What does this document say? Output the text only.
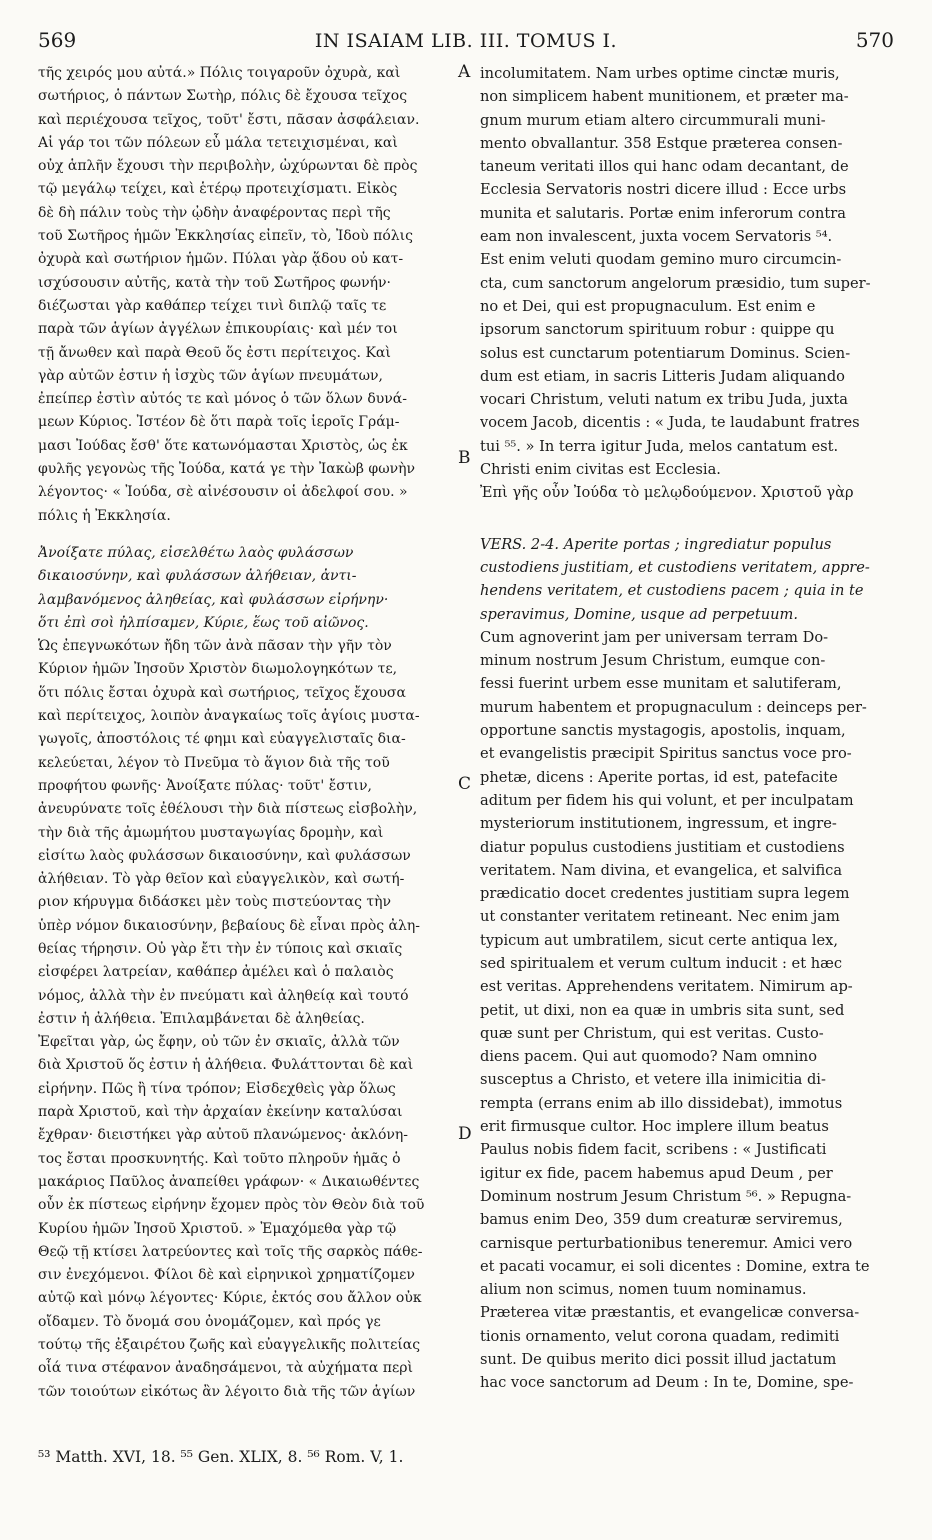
569	IN ISAIAM LIB. III. TOMUS I.	570
τῆς χειρός μου αὐτά.» Πόλις τοιγαροῦν ὀχυρὰ, καὶ
σωτήριος, ὁ πάντων Σωτὴρ, πόλις δὲ ἔχουσα τεῖχος
καὶ περιέχουσα τεῖχος, τοῦτ' ἔστι, πᾶσαν ἀσφάλειαν.
Αἱ γάρ τοι τῶν πόλεων εὖ μάλα τετειχισμέναι, καὶ
οὐχ ἁπλῆν ἔχουσι τὴν περιβολὴν, ὠχύρωνται δὲ πρὸς
τῷ μεγάλῳ τείχει, καὶ ἑτέρῳ προτειχίσματι. Εἰκὸς
δὲ δὴ πάλιν τοὺς τὴν ᾠδὴν ἀναφέροντας περὶ τῆς
τοῦ Σωτῆρος ἡμῶν Ἐκκλησίας εἰπεῖν, τὸ, Ἰδοὺ πόλις
ὀχυρὰ καὶ σωτήριον ἡμῶν. Πύλαι γὰρ ᾅδου οὐ κατ-
ισχύσουσιν αὐτῆς, κατὰ τὴν τοῦ Σωτῆρος φωνήν·
διέζωσται γὰρ καθάπερ τείχει τινὶ διπλῷ ταῖς τε
παρὰ τῶν ἁγίων ἀγγέλων ἐπικουρίαις· καὶ μέν τοι
τῇ ἄνωθεν καὶ παρὰ Θεοῦ ὅς ἐστι περίτειχος. Καὶ
γὰρ αὐτῶν ἐστιν ἡ ἰσχὺς τῶν ἁγίων πνευμάτων,
ἐπείπερ ἐστὶν αὐτός τε καὶ μόνος ὁ τῶν ὅλων δυνά-
μεων Κύριος. Ἰστέον δὲ ὅτι παρὰ τοῖς ἱεροῖς Γράμ-
μασι Ἰούδας ἔσθ' ὅτε κατωνόμασται Χριστὸς, ὡς ἐκ
φυλῆς γεγονὼς τῆς Ἰούδα, κατά γε τὴν Ἰακὼβ φωνὴν
λέγοντος· « Ἰούδα, σὲ αἰνέσουσιν οἱ ἀδελφοί σου. »
πόλις ἡ Ἐκκλησία.
Ἀνοίξατε πύλας, εἰσελθέτω λαὸς φυλάσσων
δικαιοσύνην, καὶ φυλάσσων ἀλήθειαν, ἀντι-
λαμβανόμενος ἀληθείας, καὶ φυλάσσων εἰρήνην·
ὅτι ἐπὶ σοὶ ἠλπίσαμεν, Κύριε, ἕως τοῦ αἰῶνος.
Ὡς ἐπεγνωκότων ἤδη τῶν ἀνὰ πᾶσαν τὴν γῆν τὸν
Κύριον ἡμῶν Ἰησοῦν Χριστὸν διωμολογηκότων τε,
ὅτι πόλις ἔσται ὀχυρὰ καὶ σωτήριος, τεῖχος ἔχουσα
καὶ περίτειχος, λοιπὸν ἀναγκαίως τοῖς ἁγίοις μυστα-
γωγοῖς, ἀποστόλοις τέ φημι καὶ εὐαγγελισταῖς δια-
κελεύεται, λέγον τὸ Πνεῦμα τὸ ἅγιον διὰ τῆς τοῦ
προφήτου φωνῆς· Ἀνοίξατε πύλας· τοῦτ' ἔστιν,
ἀνευρύνατε τοῖς ἐθέλουσι τὴν διὰ πίστεως εἰσβολὴν,
τὴν διὰ τῆς ἀμωμήτου μυσταγωγίας δρομὴν, καὶ
εἰσίτω λαὸς φυλάσσων δικαιοσύνην, καὶ φυλάσσων
ἀλήθειαν. Τὸ γὰρ θεῖον καὶ εὐαγγελικὸν, καὶ σωτή-
ριον κήρυγμα διδάσκει μὲν τοὺς πιστεύοντας τὴν
ὑπὲρ νόμον δικαιοσύνην, βεβαίους δὲ εἶναι πρὸς ἀλη-
θείας τήρησιν. Οὐ γὰρ ἔτι τὴν ἐν τύποις καὶ σκιαῖς
εἰσφέρει λατρείαν, καθάπερ ἀμέλει καὶ ὁ παλαιὸς
νόμος, ἀλλὰ τὴν ἐν πνεύματι καὶ ἀληθείᾳ καὶ τουτό
ἐστιν ἡ ἀλήθεια. Ἐπιλαμβάνεται δὲ ἀληθείας.
Ἐφεῖται γὰρ, ὡς ἔφην, οὐ τῶν ἐν σκιαῖς, ἀλλὰ τῶν
διὰ Χριστοῦ ὅς ἐστιν ἡ ἀλήθεια. Φυλάττονται δὲ καὶ
εἰρήνην. Πῶς ἢ τίνα τρόπον; Εἰσδεχθεὶς γὰρ ὅλως
παρὰ Χριστοῦ, καὶ τὴν ἀρχαίαν ἐκείνην καταλύσαι
ἔχθραν· διειστήκει γὰρ αὐτοῦ πλανώμενος· ἀκλόνη-
τος ἔσται προσκυνητής. Καὶ τοῦτο πληροῦν ἡμᾶς ὁ
μακάριος Παῦλος ἀναπείθει γράφων· « Δικαιωθέντες
οὖν ἐκ πίστεως εἰρήνην ἔχομεν πρὸς τὸν Θεὸν διὰ τοῦ
Κυρίου ἡμῶν Ἰησοῦ Χριστοῦ. » Ἐμαχόμεθα γὰρ τῷ
Θεῷ τῇ κτίσει λατρεύοντες καὶ τοῖς τῆς σαρκὸς πάθε-
σιν ἐνεχόμενοι. Φίλοι δὲ καὶ εἰρηνικοὶ χρηματίζομεν
αὐτῷ καὶ μόνῳ λέγοντες· Κύριε, ἐκτός σου ἄλλον οὐκ
οἴδαμεν. Τὸ ὄνομά σου ὀνομάζομεν, καὶ πρός γε
τούτῳ τῆς ἐξαιρέτου ζωῆς καὶ εὐαγγελικῆς πολιτείας
οἷά τινα στέφανον ἀναδησάμενοι, τὰ αὐχήματα περὶ
τῶν τοιούτων εἰκότως ἂν λέγοιτο διὰ τῆς τῶν ἁγίων
incolumitatem. Nam urbes optime cinctæ muris,
non simplicem habent munitionem, et præter ma-
gnum murum etiam altero circummurali muni-
mento obvallantur. 358 Estque præterea consen-
taneum veritati illos qui hanc odam decantant, de
Ecclesia Servatoris nostri dicere illud : Ecce urbs
munita et salutaris. Portæ enim inferorum contra
eam non invalescent, juxta vocem Servatoris ⁵⁴.
Est enim veluti quodam gemino muro circumcin-
cta, cum sanctorum angelorum præsidio, tum super-
no et Dei, qui est propugnaculum. Est enim e
ipsorum sanctorum spirituum robur : quippe qu
solus est cunctarum potentiarum Dominus. Scien-
dum est etiam, in sacris Litteris Judam aliquando
vocari Christum, veluti natum ex tribu Juda, juxta
vocem Jacob, dicentis : « Juda, te laudabunt fratres
tui ⁵⁵. » In terra igitur Juda, melos cantatum est.
Christi enim civitas est Ecclesia.
Ἐπὶ γῆς οὖν Ἰούδα τὸ μελῳδούμενον. Χριστοῦ γὰρ
VERS. 2-4. Aperite portas ; ingrediatur populus
custodiens justitiam, et custodiens veritatem, appre-
hendens veritatem, et custodiens pacem ; quia in te
speravimus, Domine, usque ad perpetuum.
Cum agnoverint jam per universam terram Do-
minum nostrum Jesum Christum, eumque con-
fessi fuerint urbem esse munitam et salutiferam,
murum habentem et propugnaculum : deinceps per-
opportune sanctis mystagogis, apostolis, inquam,
et evangelistis præcipit Spiritus sanctus voce pro-
phetæ, dicens : Aperite portas, id est, patefacite
aditum per fidem his qui volunt, et per inculpatam
mysteriorum institutionem, ingressum, et ingre-
diatur populus custodiens justitiam et custodiens
veritatem. Nam divina, et evangelica, et salvifica
prædicatio docet credentes justitiam supra legem
ut constanter veritatem retineant. Nec enim jam
typicum aut umbratilem, sicut certe antiqua lex,
sed spiritualem et verum cultum inducit : et hæc
est veritas. Apprehendens veritatem. Nimirum ap-
petit, ut dixi, non ea quæ in umbris sita sunt, sed
quæ sunt per Christum, qui est veritas. Custo-
diens pacem. Qui aut quomodo? Nam omnino
susceptus a Christo, et vetere illa inimicitia di-
rempta (errans enim ab illo dissidebat), immotus
erit firmusque cultor. Hoc implere illum beatus
Paulus nobis fidem facit, scribens : « Justificati
igitur ex fide, pacem habemus apud Deum , per
Dominum nostrum Jesum Christum ⁵⁶. » Repugna-
bamus enim Deo, 359 dum creaturæ serviremus,
carnisque perturbationibus teneremur. Amici vero
et pacati vocamur, ei soli dicentes : Domine, extra te
alium non scimus, nomen tuum nominamus.
Præterea vitæ præstantis, et evangelicæ conversa-
tionis ornamento, velut corona quadam, redimiti
sunt. De quibus merito dici possit illud jactatum
hac voce sanctorum ad Deum : In te, Domine, spe-
A
B
C
D
⁵³ Matth. XVI, 18. ⁵⁵ Gen. XLIX, 8. ⁵⁶ Rom. V, 1.
